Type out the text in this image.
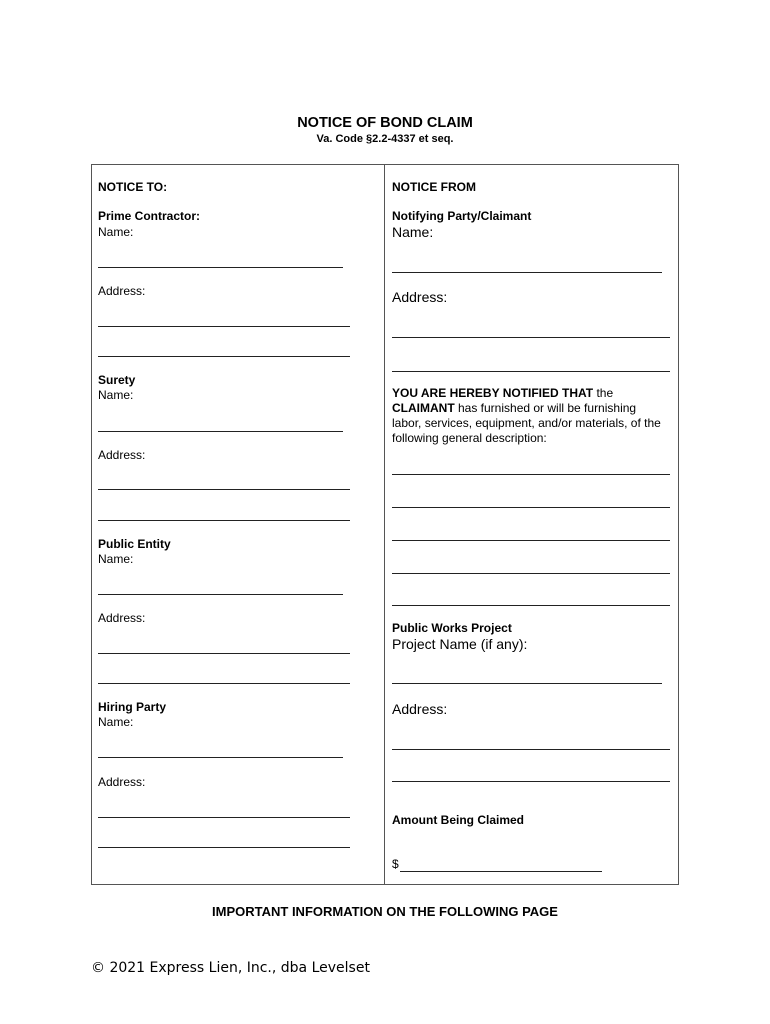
NOTICE OF BOND CLAIM
Va. Code §2.2-4337 et seq.
NOTICE TO:
Prime Contractor:
Name:
Address:
Surety
Name:
Address:
Public Entity
Name:
Address:
Hiring Party
Name:
Address:
NOTICE FROM
Notifying Party/Claimant
Name:
Address:
YOU ARE HEREBY NOTIFIED THAT the CLAIMANT has furnished or will be furnishing labor, services, equipment, and/or materials, of the following general description:
Public Works Project
Project Name (if any):
Address:
Amount Being Claimed
$
IMPORTANT INFORMATION ON THE FOLLOWING PAGE
© 2021 Express Lien, Inc., dba Levelset
